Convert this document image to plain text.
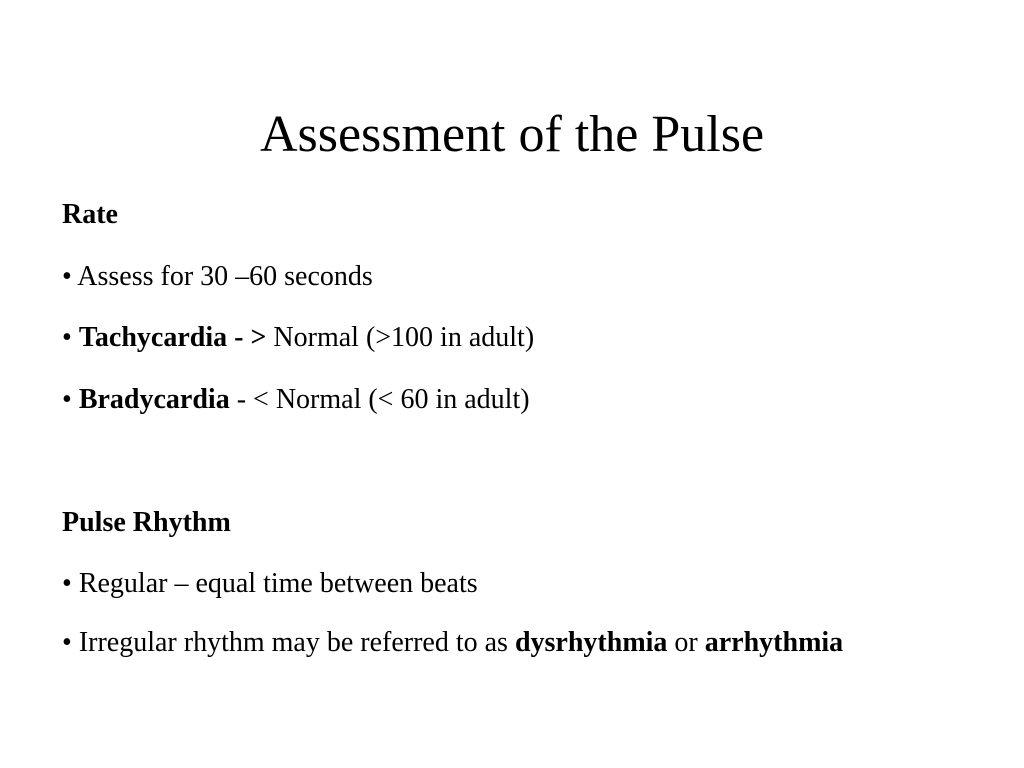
Assessment of the Pulse
Rate
• Assess for 30 –60 seconds
• Tachycardia - > Normal (>100 in adult)
• Bradycardia - < Normal (< 60 in adult)
Pulse Rhythm
• Regular – equal time between beats
• Irregular rhythm may be referred to as dysrhythmia or arrhythmia
